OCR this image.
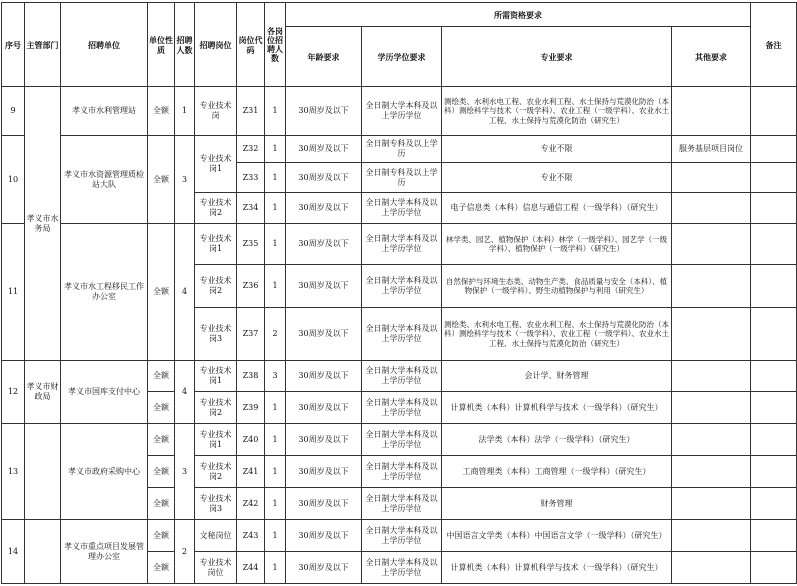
序号	主管部门	招聘单位	单位性质	招聘人数	招聘岗位	岗位代码	各岗位招聘人数	所需资格要求				备注
								年龄要求	学历学位要求	专业要求	其他要求	
9	孝义市水务局	孝义市水利管理站	全额	1	专业技术岗	Z31	1	30周岁及以下	全日制大学本科及以上学历学位	测绘类、水利水电工程、农业水利工程、水土保持与荒漠化防治（本科）测绘科学与技术（一级学科）、农业工程（一级学科）、农业水土工程、水土保持与荒漠化防治（研究生）		
10		孝义市水资源管理质检站大队	全额	3	专业技术岗1	Z32	1	30周岁及以下	全日制专科及以上学历	专业不限	服务基层项目岗位	
						Z33	1	30周岁及以下	全日制专科及以上学历	专业不限		
					专业技术岗2	Z34	1	30周岁及以下	全日制大学本科及以上学历学位	电子信息类（本科）信息与通信工程（一级学科）（研究生）		
11		孝义市水工程移民工作办公室	全额	4	专业技术岗1	Z35	1	30周岁及以下	全日制大学本科及以上学历学位	林学类、园艺、植物保护（本科）林学（一级学科）、园艺学（一级学科）、植物保护（一级学科）（研究生）		
					专业技术岗2	Z36	1	30周岁及以下	全日制大学本科及以上学历学位	自然保护与环境生态类、动物生产类、食品质量与安全（本科）、植物保护（一级学科）、野生动植物保护与利用（研究生）		
					专业技术岗3	Z37	2	30周岁及以下	全日制大学本科及以上学历学位	测绘类、水利水电工程、农业水利工程、水土保持与荒漠化防治（本科）测绘科学与技术（一级学科）、农业工程（一级学科）、农业水土工程、水土保持与荒漠化防治（研究生）		
12	孝义市财政局	孝义市国库支付中心	全额	4	专业技术岗1	Z38	3	30周岁及以下	全日制大学本科及以上学历学位	会计学、财务管理		
			全额		专业技术岗2	Z39	1	30周岁及以下	全日制大学本科及以上学历学位	计算机类（本科）计算机科学与技术（一级学科）（研究生）		
13		孝义市政府采购中心	全额	3	专业技术岗1	Z40	1	30周岁及以下	全日制大学本科及以上学历学位	法学类（本科）法学（一级学科）（研究生）		
			全额		专业技术岗2	Z41	1	30周岁及以下	全日制大学本科及以上学历学位	工商管理类（本科）工商管理（一级学科）（研究生）		
			全额		专业技术岗3	Z42	1	30周岁及以下	全日制大学本科及以上学历学位	财务管理		
14		孝义市重点项目发展管理办公室	全额	2	文秘岗位	Z43	1	30周岁及以下	全日制大学本科及以上学历学位	中国语言文学类（本科）中国语言文学（一级学科）（研究生）		
			全额		专业技术岗位	Z44	1	30周岁及以下	全日制大学本科及以上学历学位	计算机类（本科）计算机科学与技术（一级学科）（研究生）		
